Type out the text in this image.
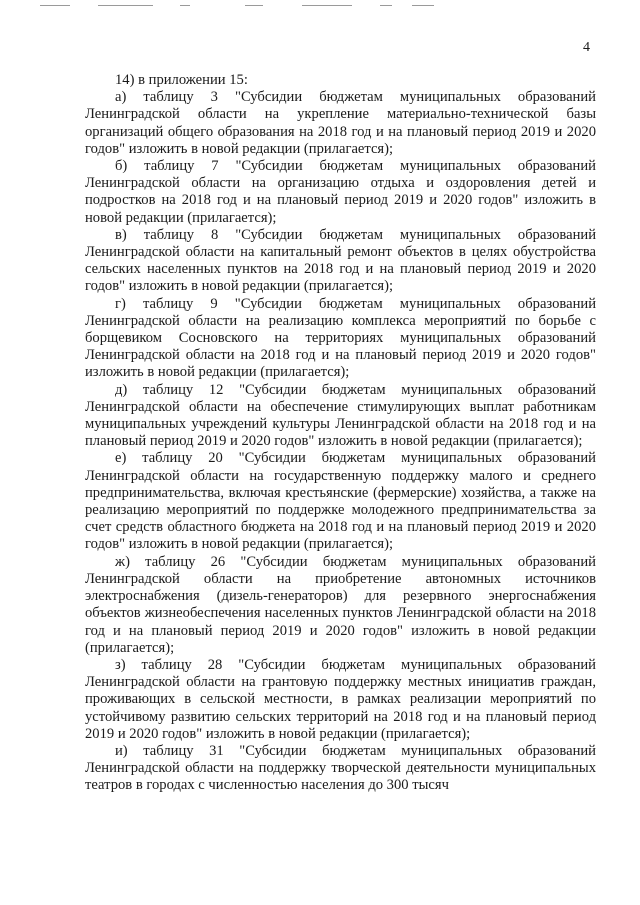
4

14) в приложении 15:

а) таблицу 3 "Субсидии бюджетам муниципальных образований Ленинградской области на укрепление материально-технической базы организаций общего образования на 2018 год и на плановый период 2019 и 2020 годов" изложить в новой редакции (прилагается);

б) таблицу 7 "Субсидии бюджетам муниципальных образований Ленинградской области на организацию отдыха и оздоровления детей и подростков на 2018 год и на плановый период 2019 и 2020 годов" изложить в новой редакции (прилагается);

в) таблицу 8 "Субсидии бюджетам муниципальных образований Ленинградской области на капитальный ремонт объектов в целях обустройства сельских населенных пунктов на 2018 год и на плановый период 2019 и 2020 годов" изложить в новой редакции (прилагается);

г) таблицу 9 "Субсидии бюджетам муниципальных образований Ленинградской области на реализацию комплекса мероприятий по борьбе с борщевиком Сосновского на территориях муниципальных образований Ленинградской области на 2018 год и на плановый период 2019 и 2020 годов" изложить в новой редакции (прилагается);

д) таблицу 12 "Субсидии бюджетам муниципальных образований Ленинградской области на обеспечение стимулирующих выплат работникам муниципальных учреждений культуры Ленинградской области на 2018 год и на плановый период 2019 и 2020 годов" изложить в новой редакции (прилагается);

е) таблицу 20 "Субсидии бюджетам муниципальных образований Ленинградской области на государственную поддержку малого и среднего предпринимательства, включая крестьянские (фермерские) хозяйства, а также на реализацию мероприятий по поддержке молодежного предпринимательства за счет средств областного бюджета на 2018 год и на плановый период 2019 и 2020 годов" изложить в новой редакции (прилагается);

ж) таблицу 26 "Субсидии бюджетам муниципальных образований Ленинградской области на приобретение автономных источников электроснабжения (дизель-генераторов) для резервного энергоснабжения объектов жизнеобеспечения населенных пунктов Ленинградской области на 2018 год и на плановый период 2019 и 2020 годов" изложить в новой редакции (прилагается);

з) таблицу 28 "Субсидии бюджетам муниципальных образований Ленинградской области на грантовую поддержку местных инициатив граждан, проживающих в сельской местности, в рамках реализации мероприятий по устойчивому развитию сельских территорий на 2018 год и на плановый период 2019 и 2020 годов" изложить в новой редакции (прилагается);

и) таблицу 31 "Субсидии бюджетам муниципальных образований Ленинградской области на поддержку творческой деятельности муниципальных театров в городах с численностью населения до 300 тысяч
